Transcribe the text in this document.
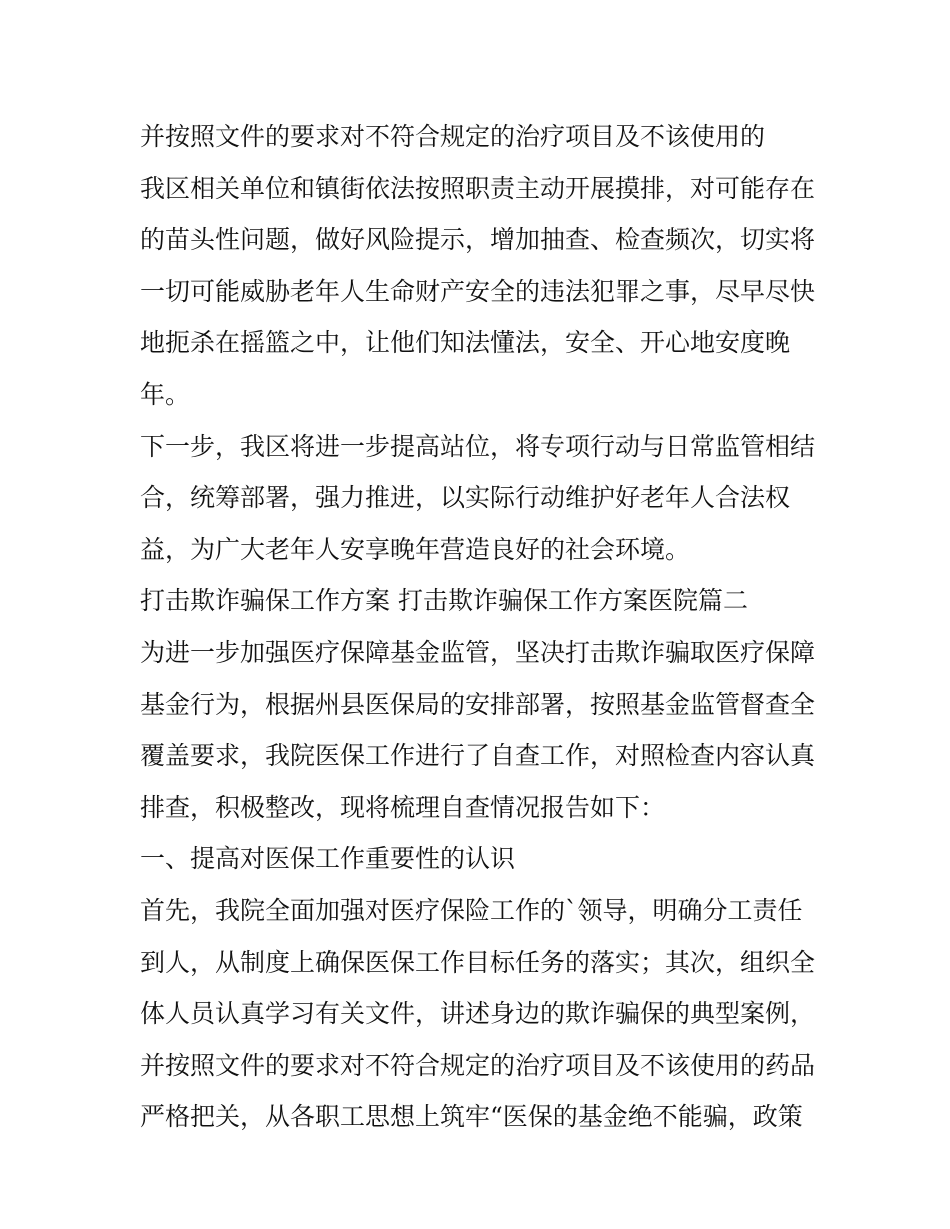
并按照文件的要求对不符合规定的治疗项目及不该使用的
我区相关单位和镇街依法按照职责主动开展摸排，对可能存在
的苗头性问题，做好风险提示，增加抽查、检查频次，切实将
一切可能威胁老年人生命财产安全的违法犯罪之事，尽早尽快
地扼杀在摇篮之中，让他们知法懂法，安全、开心地安度晚
年。
下一步，我区将进一步提高站位，将专项行动与日常监管相结
合，统筹部署，强力推进，以实际行动维护好老年人合法权
益，为广大老年人安享晚年营造良好的社会环境。
打击欺诈骗保工作方案 打击欺诈骗保工作方案医院篇二
为进一步加强医疗保障基金监管，坚决打击欺诈骗取医疗保障
基金行为，根据州县医保局的安排部署，按照基金监管督查全
覆盖要求，我院医保工作进行了自查工作，对照检查内容认真
排查，积极整改，现将梳理自查情况报告如下：
一、提高对医保工作重要性的认识
首先，我院全面加强对医疗保险工作的`领导，明确分工责任
到人，从制度上确保医保工作目标任务的落实；其次，组织全
体人员认真学习有关文件，讲述身边的欺诈骗保的典型案例，
并按照文件的要求对不符合规定的治疗项目及不该使用的药品
严格把关，从各职工思想上筑牢“医保的基金绝不能骗，政策
